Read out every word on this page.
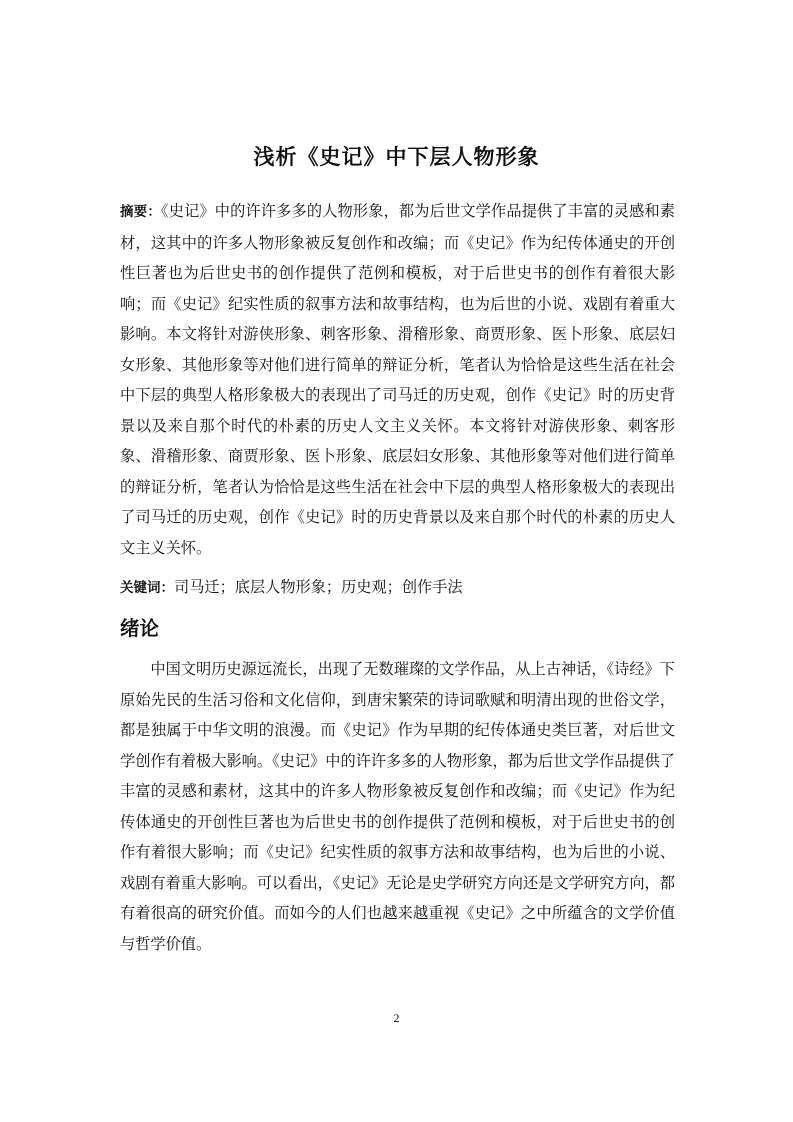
浅析《史记》中下层人物形象

摘要：《史记》中的许许多多的人物形象，都为后世文学作品提供了丰富的灵感和素材，这其中的许多人物形象被反复创作和改编；而《史记》作为纪传体通史的开创性巨著也为后世史书的创作提供了范例和模板，对于后世史书的创作有着很大影响；而《史记》纪实性质的叙事方法和故事结构，也为后世的小说、戏剧有着重大影响。本文将针对游侠形象、刺客形象、滑稽形象、商贾形象、医卜形象、底层妇女形象、其他形象等对他们进行简单的辩证分析，笔者认为恰恰是这些生活在社会中下层的典型人格形象极大的表现出了司马迁的历史观，创作《史记》时的历史背景以及来自那个时代的朴素的历史人文主义关怀。本文将针对游侠形象、刺客形象、滑稽形象、商贾形象、医卜形象、底层妇女形象、其他形象等对他们进行简单的辩证分析，笔者认为恰恰是这些生活在社会中下层的典型人格形象极大的表现出了司马迁的历史观，创作《史记》时的历史背景以及来自那个时代的朴素的历史人文主义关怀。

关键词：司马迁；底层人物形象；历史观；创作手法

绪论

中国文明历史源远流长，出现了无数璀璨的文学作品，从上古神话，《诗经》下原始先民的生活习俗和文化信仰，到唐宋繁荣的诗词歌赋和明清出现的世俗文学，都是独属于中华文明的浪漫。而《史记》作为早期的纪传体通史类巨著，对后世文学创作有着极大影响。《史记》中的许许多多的人物形象，都为后世文学作品提供了丰富的灵感和素材，这其中的许多人物形象被反复创作和改编；而《史记》作为纪传体通史的开创性巨著也为后世史书的创作提供了范例和模板，对于后世史书的创作有着很大影响；而《史记》纪实性质的叙事方法和故事结构，也为后世的小说、戏剧有着重大影响。可以看出，《史记》无论是史学研究方向还是文学研究方向，都有着很高的研究价值。而如今的人们也越来越重视《史记》之中所蕴含的文学价值与哲学价值。

2
